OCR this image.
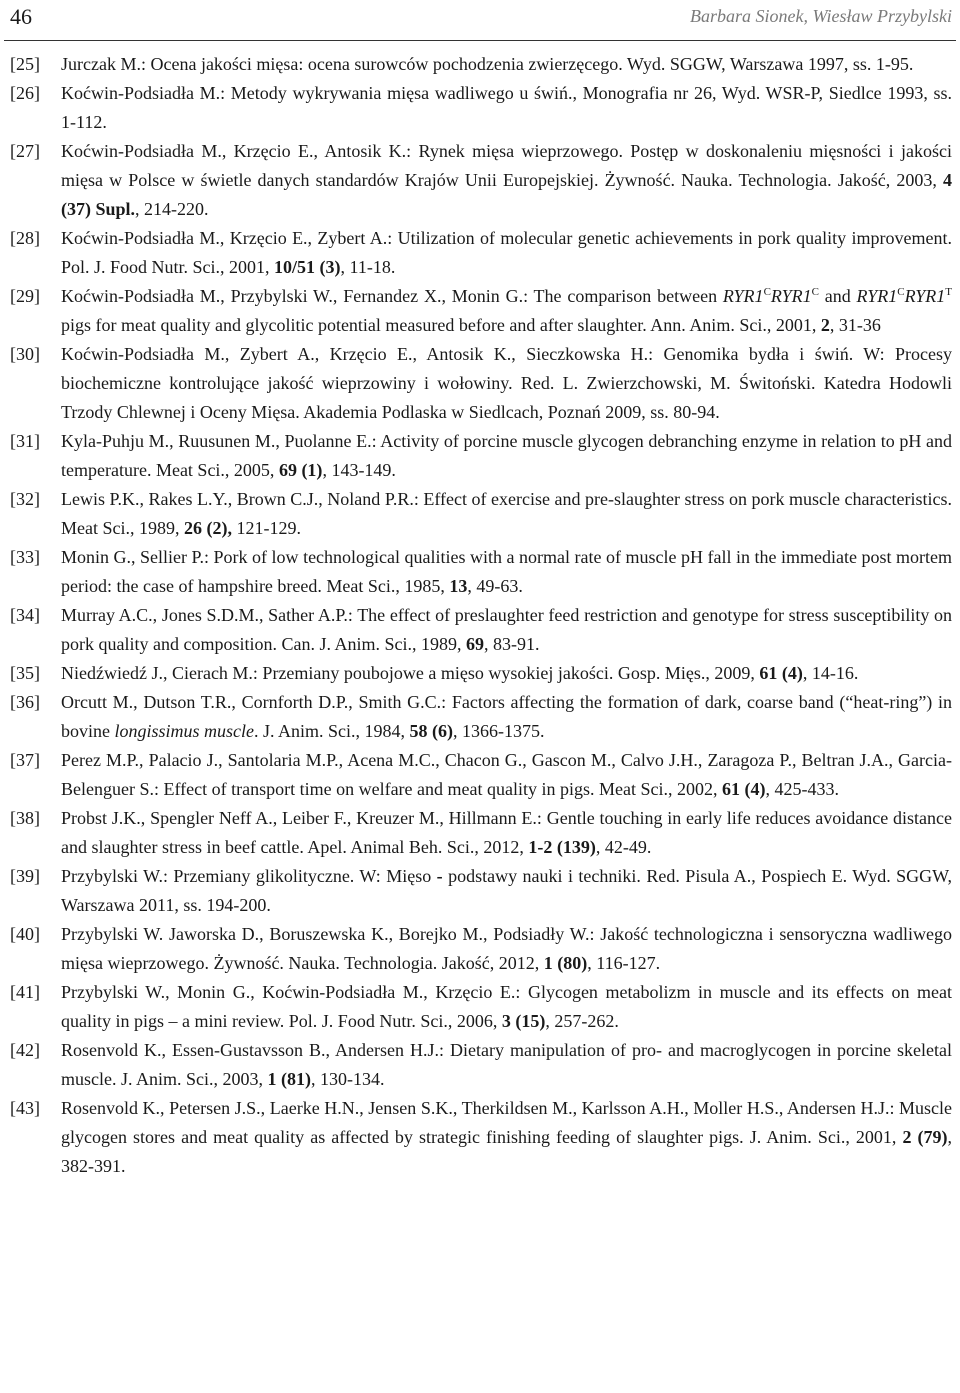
46	Barbara Sionek, Wiesław Przybylski

[25]	Jurczak M.: Ocena jakości mięsa: ocena surowców pochodzenia zwierzęcego. Wyd. SGGW, Warszawa 1997, ss. 1-95.

[26]	Koćwin-Podsiadła M.: Metody wykrywania mięsa wadliwego u świń., Monografia nr 26, Wyd. WSR-P, Siedlce 1993, ss. 1-112.

[27]	Koćwin-Podsiadła M., Krzęcio E., Antosik K.: Rynek mięsa wieprzowego. Postęp w doskonaleniu mięsności i jakości mięsa w Polsce w świetle danych standardów Krajów Unii Europejskiej. Żywność. Nauka. Technologia. Jakość, 2003, 4 (37) Supl., 214-220.

[28]	Koćwin-Podsiadła M., Krzęcio E., Zybert A.: Utilization of molecular genetic achievements in pork quality improvement. Pol. J. Food Nutr. Sci., 2001, 10/51 (3), 11-18.

[29]	Koćwin-Podsiadła M., Przybylski W., Fernandez X., Monin G.: The comparison between $RYR1^CRYR1^C$ and $RYR1^CRYR1^T$ pigs for meat quality and glycolitic potential measured before and after slaughter. Ann. Anim. Sci., 2001, 2, 31-36

[30]	Koćwin-Podsiadła M., Zybert A., Krzęcio E., Antosik K., Sieczkowska H.: Genomika bydła i świń. W: Procesy biochemiczne kontrolujące jakość wieprzowiny i wołowiny. Red. L. Zwierzchowski, M. Świtoński. Katedra Hodowli Trzody Chlewnej i Oceny Mięsa. Akademia Podlaska w Siedlcach, Poznań 2009, ss. 80-94.

[31]	Kyla-Puhju M., Ruusunen M., Puolanne E.: Activity of porcine muscle glycogen debranching enzyme in relation to pH and temperature. Meat Sci., 2005, 69 (1), 143-149.

[32]	Lewis P.K., Rakes L.Y., Brown C.J., Noland P.R.: Effect of exercise and pre-slaughter stress on pork muscle characteristics. Meat Sci., 1989, 26 (2), 121-129.

[33]	Monin G., Sellier P.: Pork of low technological qualities with a normal rate of muscle pH fall in the immediate post mortem period: the case of hampshire breed. Meat Sci., 1985, 13, 49-63.

[34]	Murray A.C., Jones S.D.M., Sather A.P.: The effect of preslaughter feed restriction and genotype for stress susceptibility on pork quality and composition. Can. J. Anim. Sci., 1989, 69, 83-91.

[35]	Niedźwiedź J., Cierach M.: Przemiany poubojowe a mięso wysokiej jakości. Gosp. Mięs., 2009, 61 (4), 14-16.

[36]	Orcutt M., Dutson T.R., Cornforth D.P., Smith G.C.: Factors affecting the formation of dark, coarse band (“heat-ring”) in bovine longissimus muscle. J. Anim. Sci., 1984, 58 (6), 1366-1375.

[37]	Perez M.P., Palacio J., Santolaria M.P., Acena M.C., Chacon G., Gascon M., Calvo J.H., Zaragoza P., Beltran J.A., Garcia-Belenguer S.: Effect of transport time on welfare and meat quality in pigs. Meat Sci., 2002, 61 (4), 425-433.

[38]	Probst J.K., Spengler Neff A., Leiber F., Kreuzer M., Hillmann E.: Gentle touching in early life reduces avoidance distance and slaughter stress in beef cattle. Apel. Animal Beh. Sci., 2012, 1-2 (139), 42-49.

[39]	Przybylski W.: Przemiany glikolityczne. W: Mięso - podstawy nauki i techniki. Red. Pisula A., Pospiech E. Wyd. SGGW, Warszawa 2011, ss. 194-200.

[40]	Przybylski W. Jaworska D., Boruszewska K., Borejko M., Podsiadły W.: Jakość technologiczna i sensoryczna wadliwego mięsa wieprzowego. Żywność. Nauka. Technologia. Jakość, 2012, 1 (80), 116-127.

[41]	Przybylski W., Monin G., Koćwin-Podsiadła M., Krzęcio E.: Glycogen metabolizm in muscle and its effects on meat quality in pigs – a mini review. Pol. J. Food Nutr. Sci., 2006, 3 (15), 257-262.

[42]	Rosenvold K., Essen-Gustavsson B., Andersen H.J.: Dietary manipulation of pro- and macroglycogen in porcine skeletal muscle. J. Anim. Sci., 2003, 1 (81), 130-134.

[43]	Rosenvold K., Petersen J.S., Laerke H.N., Jensen S.K., Therkildsen M., Karlsson A.H., Moller H.S., Andersen H.J.: Muscle glycogen stores and meat quality as affected by strategic finishing feeding of slaughter pigs. J. Anim. Sci., 2001, 2 (79), 382-391.
